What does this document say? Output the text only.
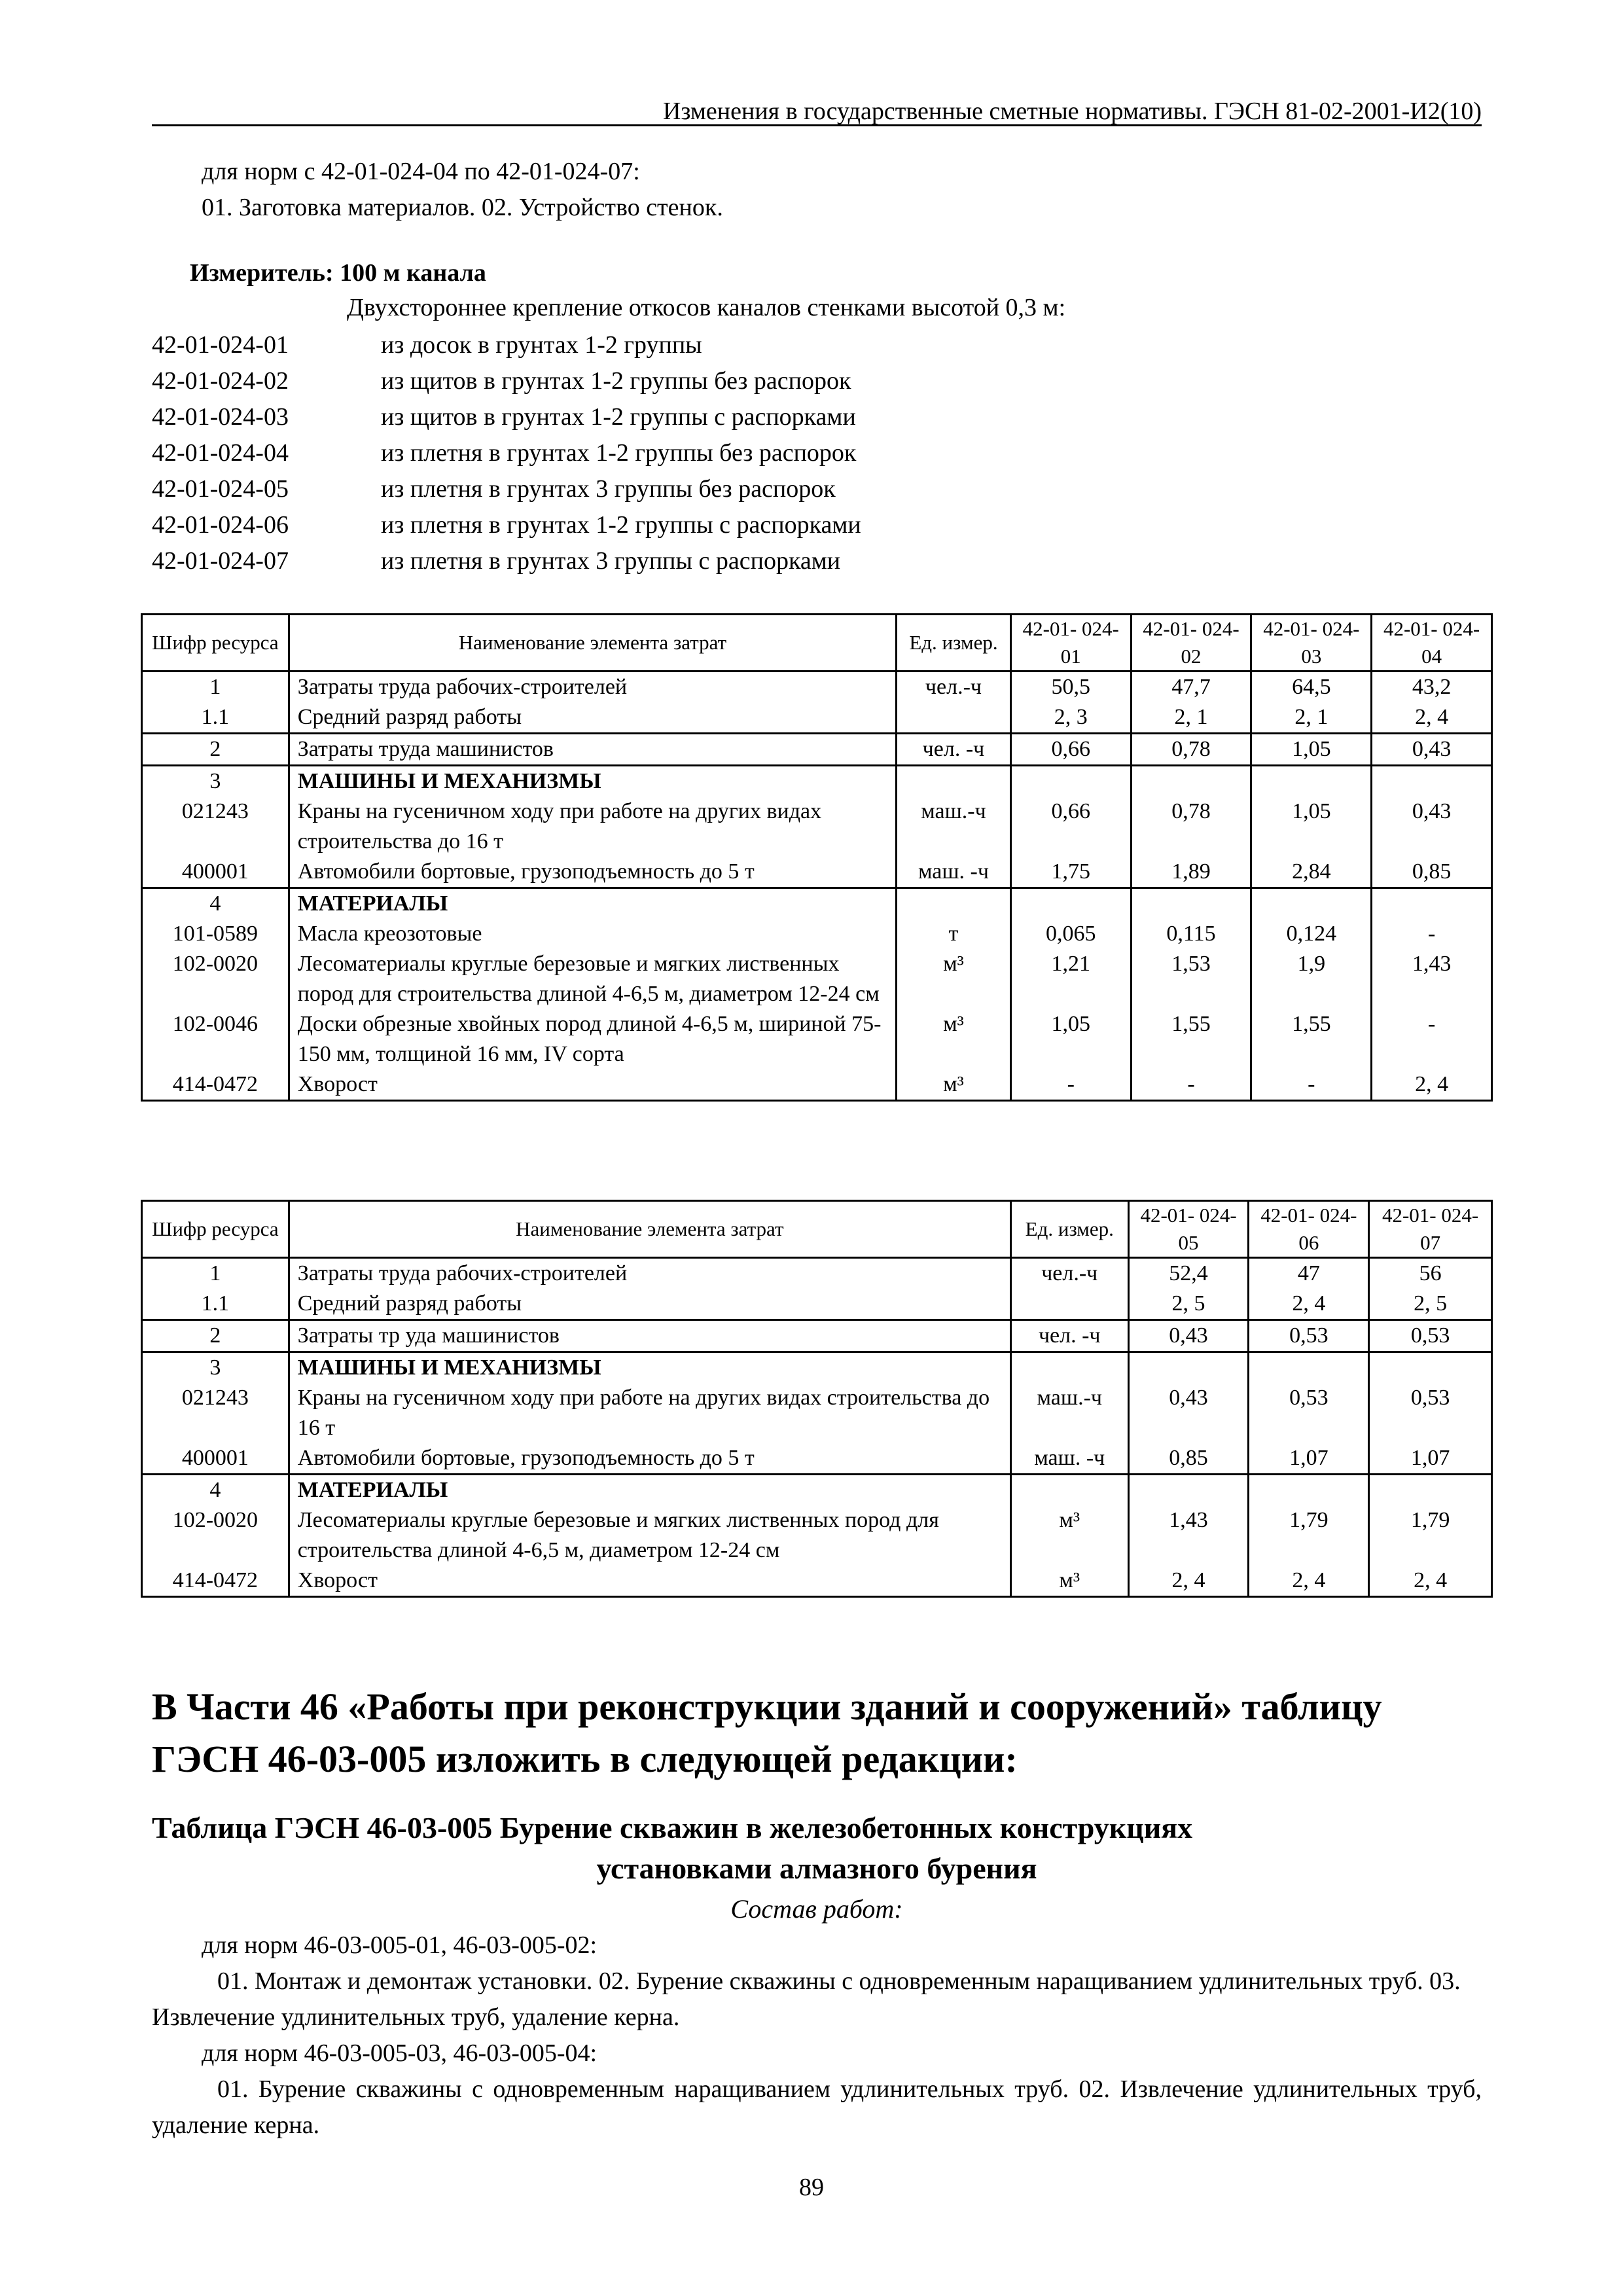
Изменения в государственные сметные нормативы. ГЭСН 81-02-2001-И2(10)
для норм с 42-01-024-04 по 42-01-024-07:
01. Заготовка материалов. 02. Устройство стенок.
Измеритель: 100 м канала
Двухстороннее крепление откосов каналов стенками высотой 0,3 м:
42-01-024-01	из досок в грунтах 1-2 группы
42-01-024-02	из щитов в грунтах 1-2 группы без распорок
42-01-024-03	из щитов в грунтах 1-2 группы с распорками
42-01-024-04	из плетня в грунтах 1-2 группы без распорок
42-01-024-05	из плетня в грунтах 3 группы без распорок
42-01-024-06	из плетня в грунтах 1-2 группы с распорками
42-01-024-07	из плетня в грунтах 3 группы с распорками
Шифр ресурса	Наименование элемента затрат	Ед. измер.	42-01- 024-01	42-01- 024-02	42-01- 024-03	42-01- 024-04
1	Затраты труда рабочих-строителей	чел.-ч	50,5	47,7	64,5	43,2
1.1	Средний разряд работы		2, 3	2, 1	2, 1	2, 4
2	Затраты труда машинистов	чел. -ч	0,66	0,78	1,05	0,43
3	МАШИНЫ И МЕХАНИЗМЫ					
021243	Краны на гусеничном ходу при работе на других видах строительства до 16 т	маш.-ч	0,66	0,78	1,05	0,43
400001	Автомобили бортовые, грузоподъемность до 5 т	маш. -ч	1,75	1,89	2,84	0,85
4	МАТЕРИАЛЫ					
101-0589	Масла креозотовые	т	0,065	0,115	0,124	-
102-0020	Лесоматериалы круглые березовые и мягких лиственных пород для строительства длиной 4-6,5 м, диаметром 12-24 см	м³	1,21	1,53	1,9	1,43
102-0046	Доски обрезные хвойных пород длиной 4-6,5 м, шириной 75-150 мм, толщиной 16 мм, IV сорта	м³	1,05	1,55	1,55	-
414-0472	Хворост	м³	-	-	-	2, 4
Шифр ресурса	Наименование элемента затрат	Ед. измер.	42-01- 024-05	42-01- 024-06	42-01- 024-07
1	Затраты труда рабочих-строителей	чел.-ч	52,4	47	56
1.1	Средний разряд работы		2, 5	2, 4	2, 5
2	Затраты тр уда машинистов	чел. -ч	0,43	0,53	0,53
3	МАШИНЫ И МЕХАНИЗМЫ				
021243	Краны на гусеничном ходу при работе на других видах строительства до 16 т	маш.-ч	0,43	0,53	0,53
400001	Автомобили бортовые, грузоподъемность до 5 т	маш. -ч	0,85	1,07	1,07
4	МАТЕРИАЛЫ				
102-0020	Лесоматериалы круглые березовые и мягких лиственных пород для строительства длиной 4-6,5 м, диаметром 12-24 см	м³	1,43	1,79	1,79
414-0472	Хворост	м³	2, 4	2, 4	2, 4
В Части 46 «Работы при реконструкции зданий и сооружений» таблицу ГЭСН 46-03-005 изложить в следующей редакции:
Таблица ГЭСН 46-03-005 Бурение скважин в железобетонных конструкциях
установками алмазного бурения
Состав работ:
для норм 46-03-005-01, 46-03-005-02:
01. Монтаж и демонтаж установки. 02. Бурение скважины с одновременным наращиванием удлинительных труб. 03. Извлечение удлинительных труб, удаление керна.
для норм 46-03-005-03, 46-03-005-04:
01. Бурение скважины с одновременным наращиванием удлинительных труб. 02. Извлечение удлинительных труб, удаление керна.
89
